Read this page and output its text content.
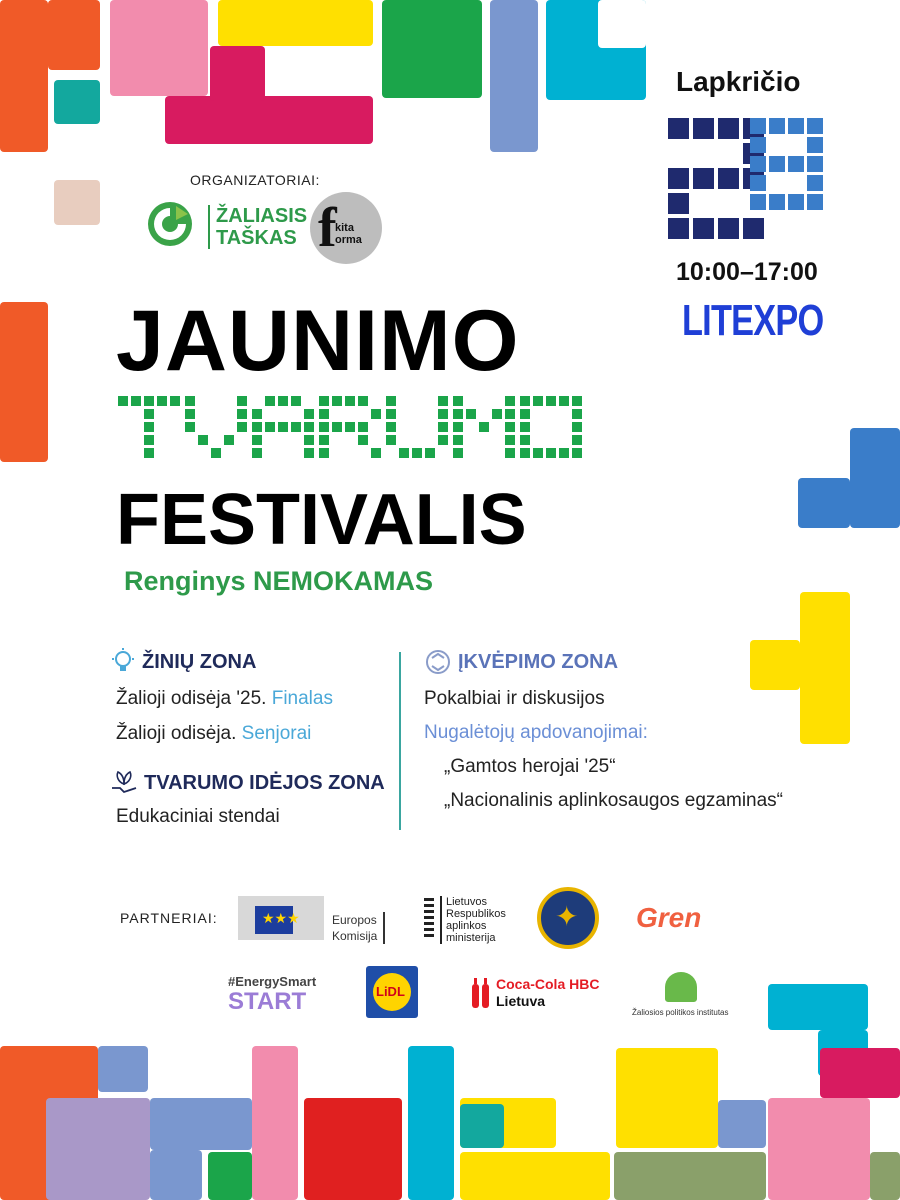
ORGANIZATORIAI:
ŽALIASIS
TAŠKAS f
kita
orma
Lapkričio
10:00–17:00
LITEXPO
JAUNIMO
FESTIVALIS
Renginys NEMOKAMAS
ŽINIŲ ZONA
Žalioji odisėja '25. Finalas
Žalioji odisėja. Senjorai
TVARUMO IDĖJOS ZONA
Edukaciniai stendai
ĮKVĖPIMO ZONA
Pokalbiai ir diskusijos
Nugalėtojų apdovanojimai:
„Gamtos herojai '25“
„Nacionalinis aplinkosaugos egzaminas“
PARTNERIAI:	★★★	Europos
Komisija
Lietuvos
Respublikos
aplinkos
ministerija
✦ Gren
#EnergySmart
START	LiDL	Coca-Cola HBC
Lietuva
Žaliosios politikos institutas
